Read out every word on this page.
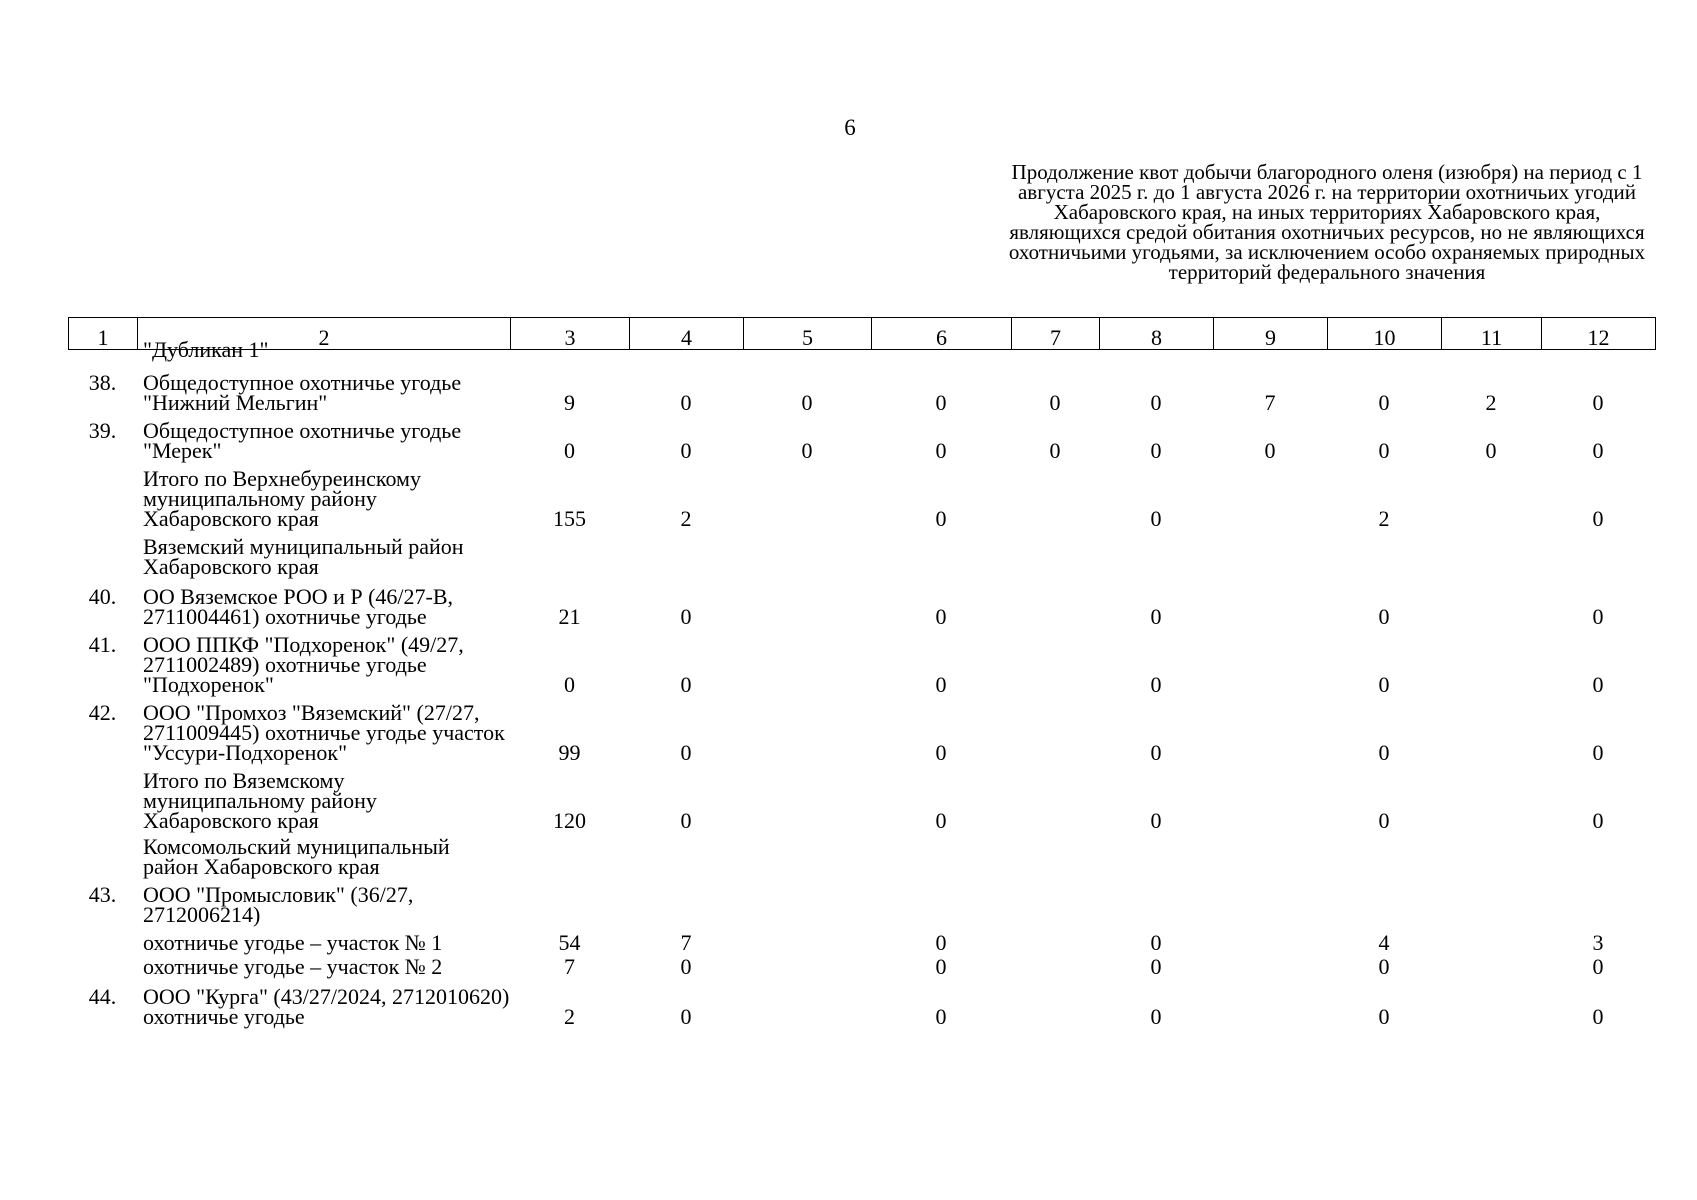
6
Продолжение квот добычи благородного оленя (изюбря) на период с 1 августа 2025 г. до 1 августа 2026 г. на территории охотничьих угодий Хабаровского края, на иных территориях Хабаровского края, являющихся средой обитания охотничьих ресурсов, но не являющихся охотничьими угодьями, за исключением особо охраняемых природных территорий федерального значения
1	2	3	4	5	6	7	8	9	10	11	12
	"Дубликан 1"										
38.	Общедоступное охотничье угодье "Нижний Мельгин"	9	0	0	0	0	0	7	0	2	0
39.	Общедоступное охотничье угодье "Мерек"	0	0	0	0	0	0	0	0	0	0
	Итого по Верхнебуреинскому муниципальному району Хабаровского края	155	2		0		0		2		0
	Вяземский муниципальный район Хабаровского края										
40.	ОО Вяземское РОО и Р (46/27-В, 2711004461) охотничье угодье	21	0		0		0		0		0
41.	ООО ППКФ "Подхоренок" (49/27, 2711002489) охотничье угодье "Подхоренок"	0	0		0		0		0		0
42.	ООО "Промхоз "Вяземский" (27/27, 2711009445) охотничье угодье участок "Уссури-Подхоренок"	99	0		0		0		0		0
	Итого по Вяземскому муниципальному району Хабаровского края	120	0		0		0		0		0
	Комсомольский муниципальный район Хабаровского края										
43.	ООО "Промысловик" (36/27, 2712006214)										
	охотничье угодье – участок № 1	54	7		0		0		4		3
	охотничье угодье – участок № 2	7	0		0		0		0		0
44.	ООО "Курга" (43/27/2024, 2712010620) охотничье угодье	2	0		0		0		0		0
